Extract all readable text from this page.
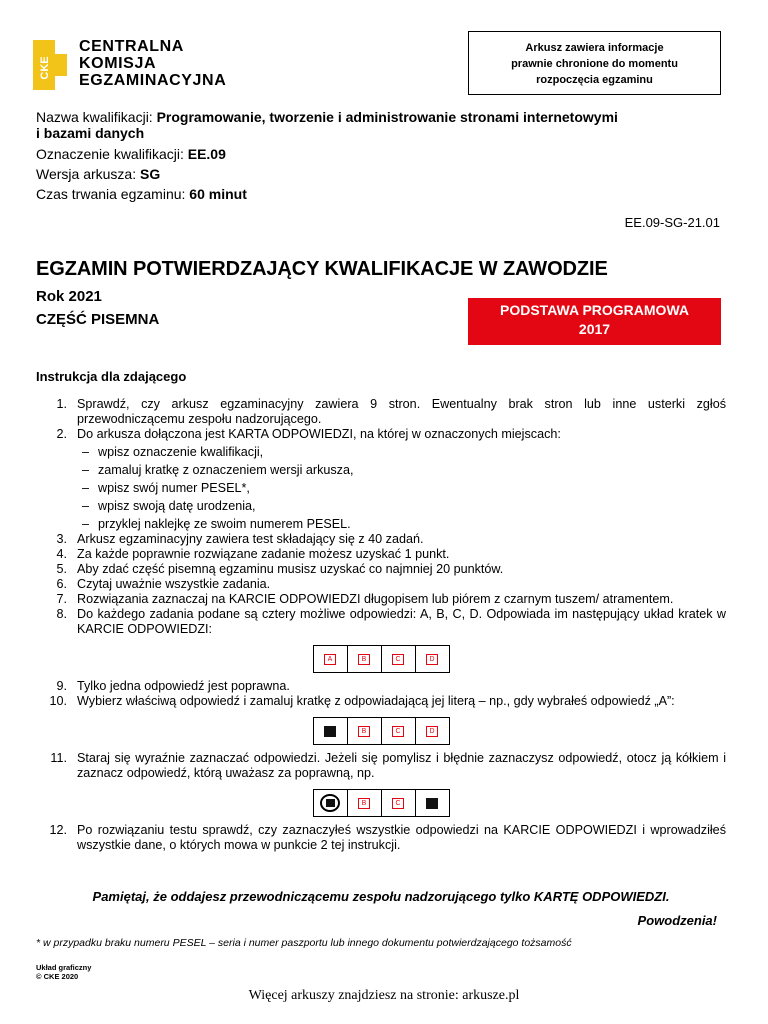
CKE
CENTRALNA
KOMISJA
EGZAMINACYJNA
Arkusz zawiera informacje
prawnie chronione do momentu
rozpoczęcia egzaminu
Nazwa kwalifikacji: Programowanie, tworzenie i administrowanie stronami internetowymi
i bazami danych
Oznaczenie kwalifikacji: EE.09
Wersja arkusza: SG
Czas trwania egzaminu: 60 minut
EE.09-SG-21.01
EGZAMIN POTWIERDZAJĄCY KWALIFIKACJE W ZAWODZIE
Rok 2021
CZĘŚĆ PISEMNA
PODSTAWA PROGRAMOWA
2017
Instrukcja dla zdającego
1. Sprawdź, czy arkusz egzaminacyjny zawiera 9 stron. Ewentualny brak stron lub inne usterki zgłoś przewodniczącemu zespołu nadzorującego.
2. Do arkusza dołączona jest KARTA ODPOWIEDZI, na której w oznaczonych miejscach:
– wpisz oznaczenie kwalifikacji,
– zamaluj kratkę z oznaczeniem wersji arkusza,
– wpisz swój numer PESEL*,
– wpisz swoją datę urodzenia,
– przyklej naklejkę ze swoim numerem PESEL.
3. Arkusz egzaminacyjny zawiera test składający się z 40 zadań.
4. Za każde poprawnie rozwiązane zadanie możesz uzyskać 1 punkt.
5. Aby zdać część pisemną egzaminu musisz uzyskać co najmniej 20 punktów.
6. Czytaj uważnie wszystkie zadania.
7. Rozwiązania zaznaczaj na KARCIE ODPOWIEDZI długopisem lub piórem z czarnym tuszem/ atramentem.
8. Do każdego zadania podane są cztery możliwe odpowiedzi: A, B, C, D. Odpowiada im następujący układ kratek w KARCIE ODPOWIEDZI:
A	B	C	D
9. Tylko jedna odpowiedź jest poprawna.
10. Wybierz właściwą odpowiedź i zamaluj kratkę z odpowiadającą jej literą – np., gdy wybrałeś odpowiedź „A”:
B	C	D
11. Staraj się wyraźnie zaznaczać odpowiedzi. Jeżeli się pomylisz i błędnie zaznaczysz odpowiedź, otocz ją kółkiem i zaznacz odpowiedź, którą uważasz za poprawną, np.
B	C
12. Po rozwiązaniu testu sprawdź, czy zaznaczyłeś wszystkie odpowiedzi na KARCIE ODPOWIEDZI i wprowadziłeś wszystkie dane, o których mowa w punkcie 2 tej instrukcji.
Pamiętaj, że oddajesz przewodniczącemu zespołu nadzorującego tylko KARTĘ ODPOWIEDZI.
Powodzenia!
* w przypadku braku numeru PESEL – seria i numer paszportu lub innego dokumentu potwierdzającego tożsamość
Układ graficzny
© CKE 2020
Więcej arkuszy znajdziesz na stronie: arkusze.pl
